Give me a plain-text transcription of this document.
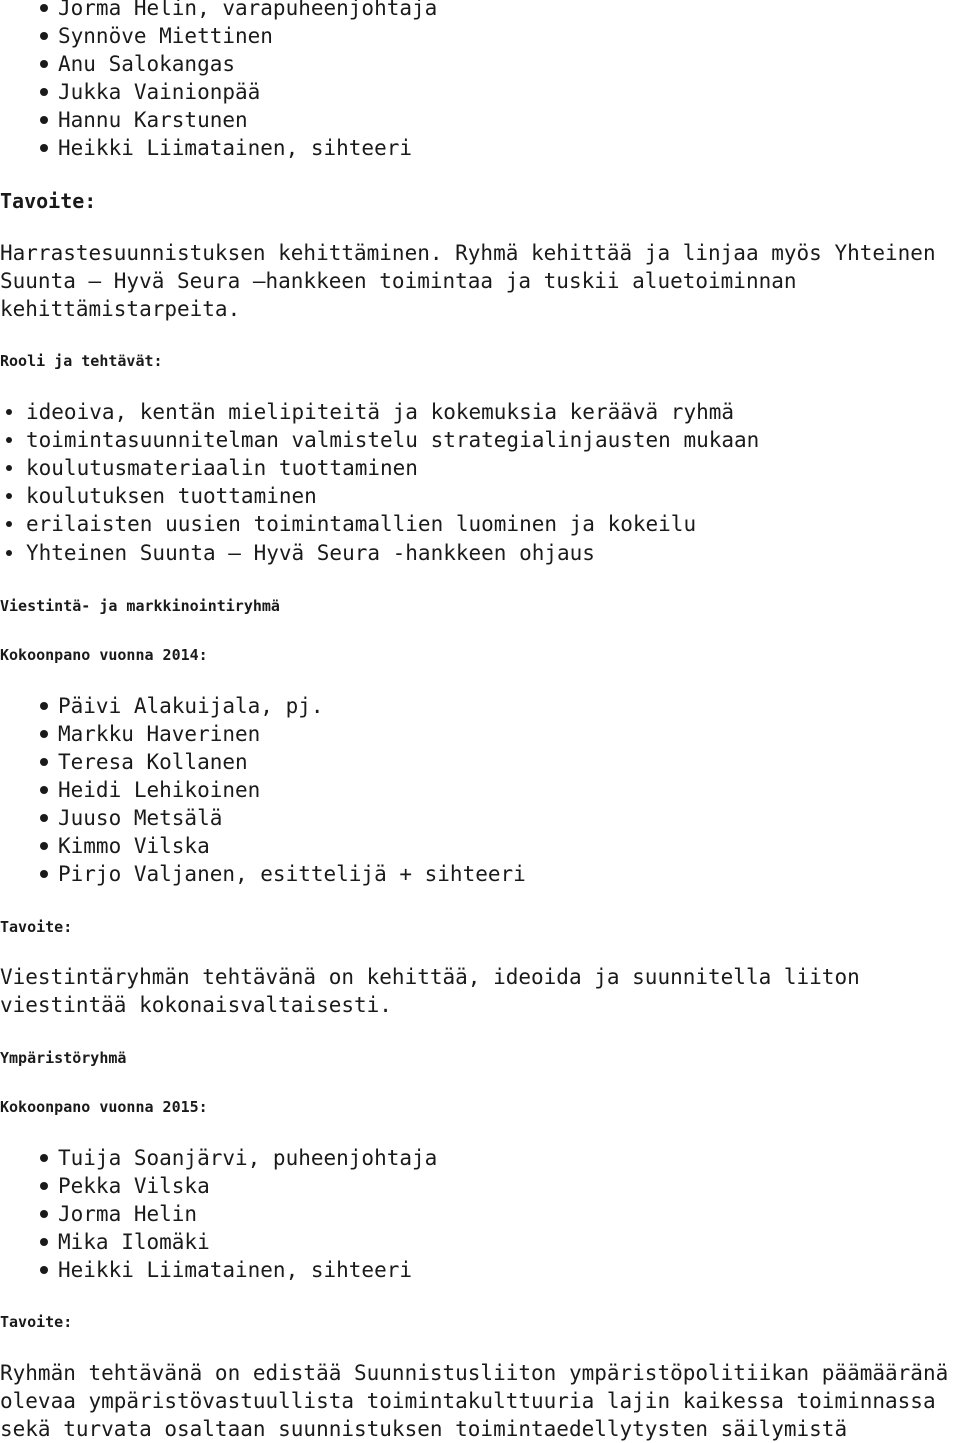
Jorma Helin, varapuheenjohtaja
Synnöve Miettinen
Anu Salokangas
Jukka Vainionpää
Hannu Karstunen
Heikki Liimatainen, sihteeri
Tavoite:
Harrastesuunnistuksen kehittäminen. Ryhmä kehittää ja linjaa myös Yhteinen
Suunta – Hyvä Seura –hankkeen toimintaa ja tuskii aluetoiminnan
kehittämistarpeita.
Rooli ja tehtävät:
ideoiva, kentän mielipiteitä ja kokemuksia keräävä ryhmä
toimintasuunnitelman valmistelu strategialinjausten mukaan
koulutusmateriaalin tuottaminen
koulutuksen tuottaminen
erilaisten uusien toimintamallien luominen ja kokeilu
Yhteinen Suunta – Hyvä Seura -hankkeen ohjaus
Viestintä- ja markkinointiryhmä
Kokoonpano vuonna 2014:
Päivi Alakuijala, pj.
Markku Haverinen
Teresa Kollanen
Heidi Lehikoinen
Juuso Metsälä
Kimmo Vilska
Pirjo Valjanen, esittelijä + sihteeri
Tavoite:
Viestintäryhmän tehtävänä on kehittää, ideoida ja suunnitella liiton
viestintää kokonaisvaltaisesti.
Ympäristöryhmä
Kokoonpano vuonna 2015:
Tuija Soanjärvi, puheenjohtaja
Pekka Vilska
Jorma Helin
Mika Ilomäki
Heikki Liimatainen, sihteeri
Tavoite:
Ryhmän tehtävänä on edistää Suunnistusliiton ympäristöpolitiikan päämääränä
olevaa ympäristövastuullista toimintakulttuuria lajin kaikessa toiminnassa
sekä turvata osaltaan suunnistuksen toimintaedellytysten säilymistä
